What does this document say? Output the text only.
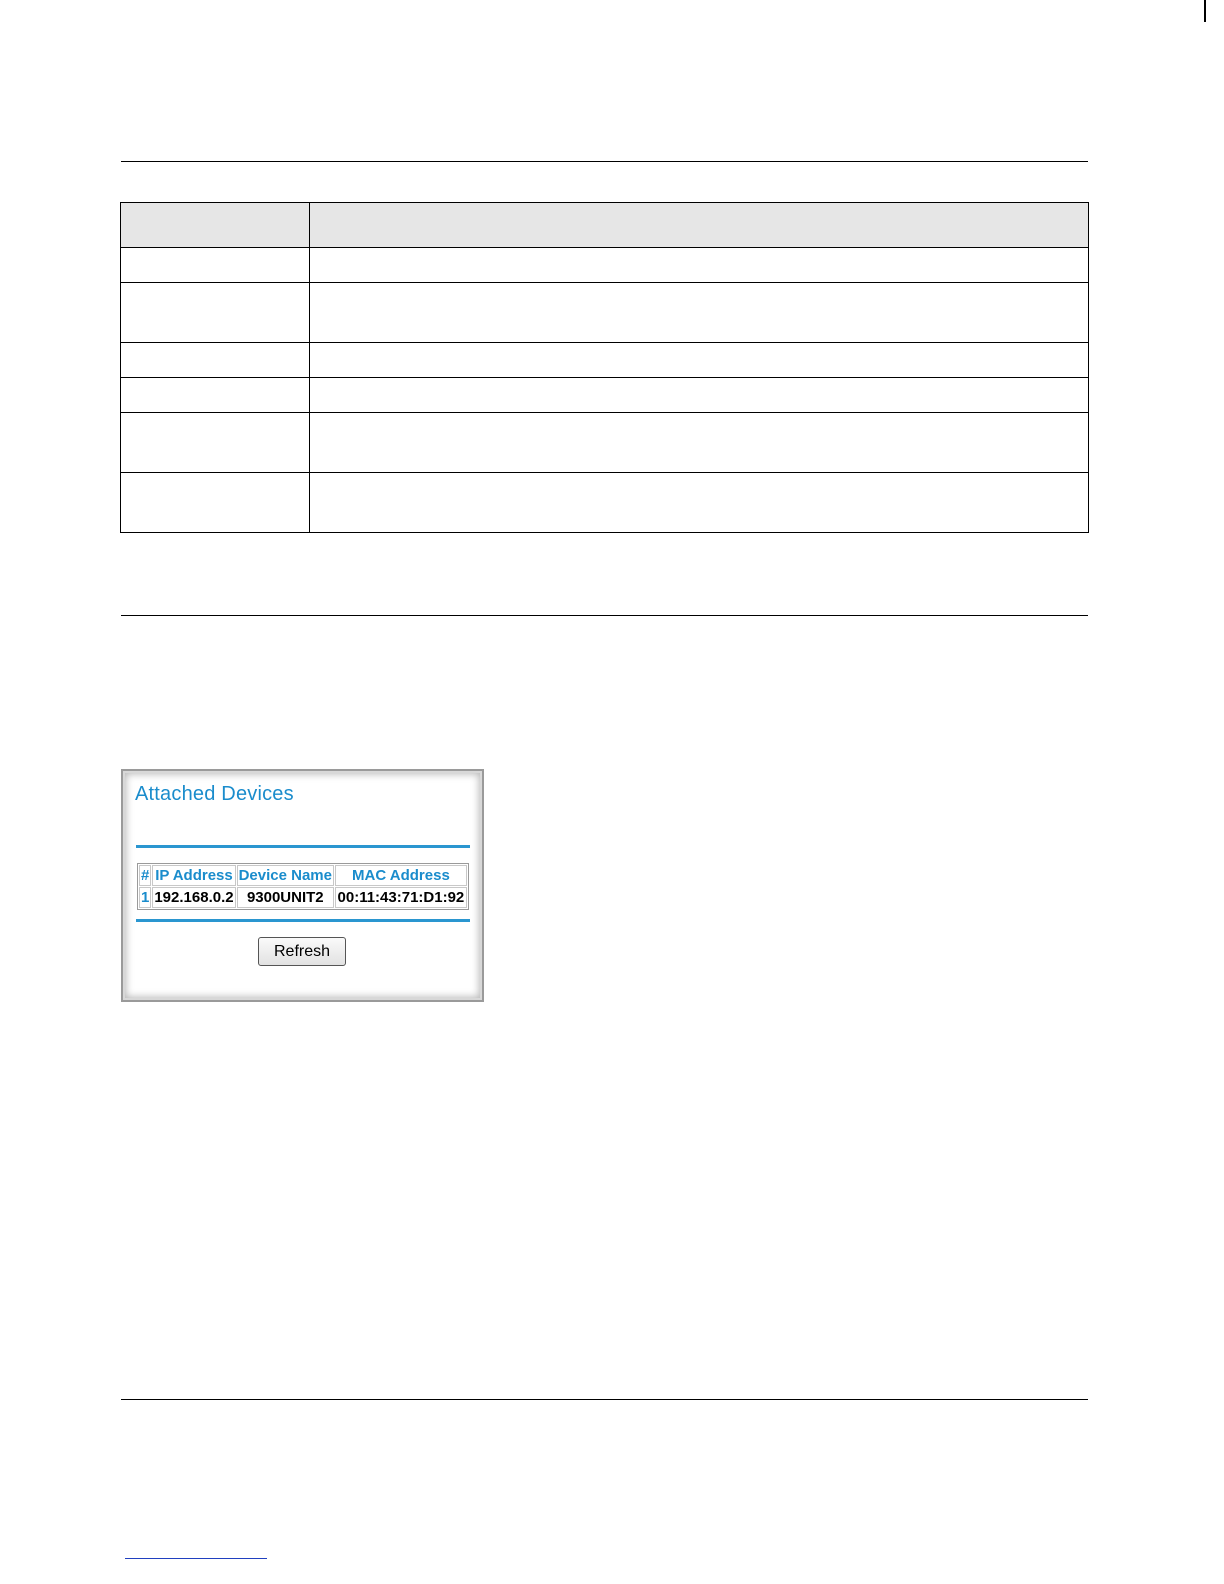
Attached Devices
#	IP Address	Device Name	MAC Address
1	192.168.0.2	9300UNIT2	00:11:43:71:D1:92
Refresh
